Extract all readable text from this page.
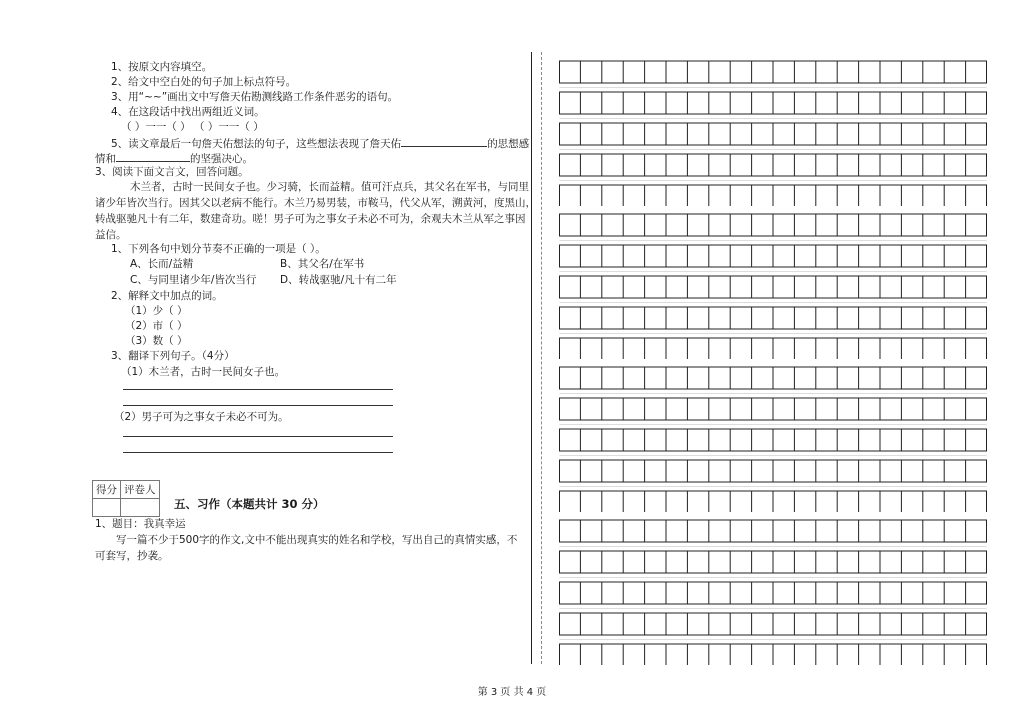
1、按原文内容填空。
2、给文中空白处的句子加上标点符号。
3、用“~~”画出文中写詹天佑勘测线路工作条件恶劣的语句。
4、在这段话中找出两组近义词。
（ ）一一（ ） （ ）一一（ ）
5、读文章最后一句詹天佑想法的句子，这些想法表现了詹天佑	的思想感
情和	的坚强决心。
3、阅读下面文言文，回答问题。
木兰者，古时一民间女子也。少习骑，长而益精。值可汗点兵，其父名在军书，与同里
诸少年皆次当行。因其父以老病不能行。木兰乃易男装，市鞍马，代父从军，溯黄河，度黑山，
转战驱驰凡十有二年，数建奇功。嗟！男子可为之事女子未必不可为，余观夫木兰从军之事因
益信。
1、下列各句中划分节奏不正确的一项是（ ）。
A、长而/益精	B、其父名/在军书
C、与同里诸少年/皆次当行 D、转战驱驰/凡十有二年
2、解释文中加点的词。
（1）少（ ）
（2）市（ ）
（3）数（ ）
3、翻译下列句子。（4分）
（1）木兰者，古时一民间女子也。
（2）男子可为之事女子未必不可为。
得分	评卷人

五、习作（本题共计 30 分）
1、题目：我真幸运
写一篇不少于500字的作文,文中不能出现真实的姓名和学校，写出自己的真情实感，不
可套写，抄袭。
第 3 页 共 4 页
